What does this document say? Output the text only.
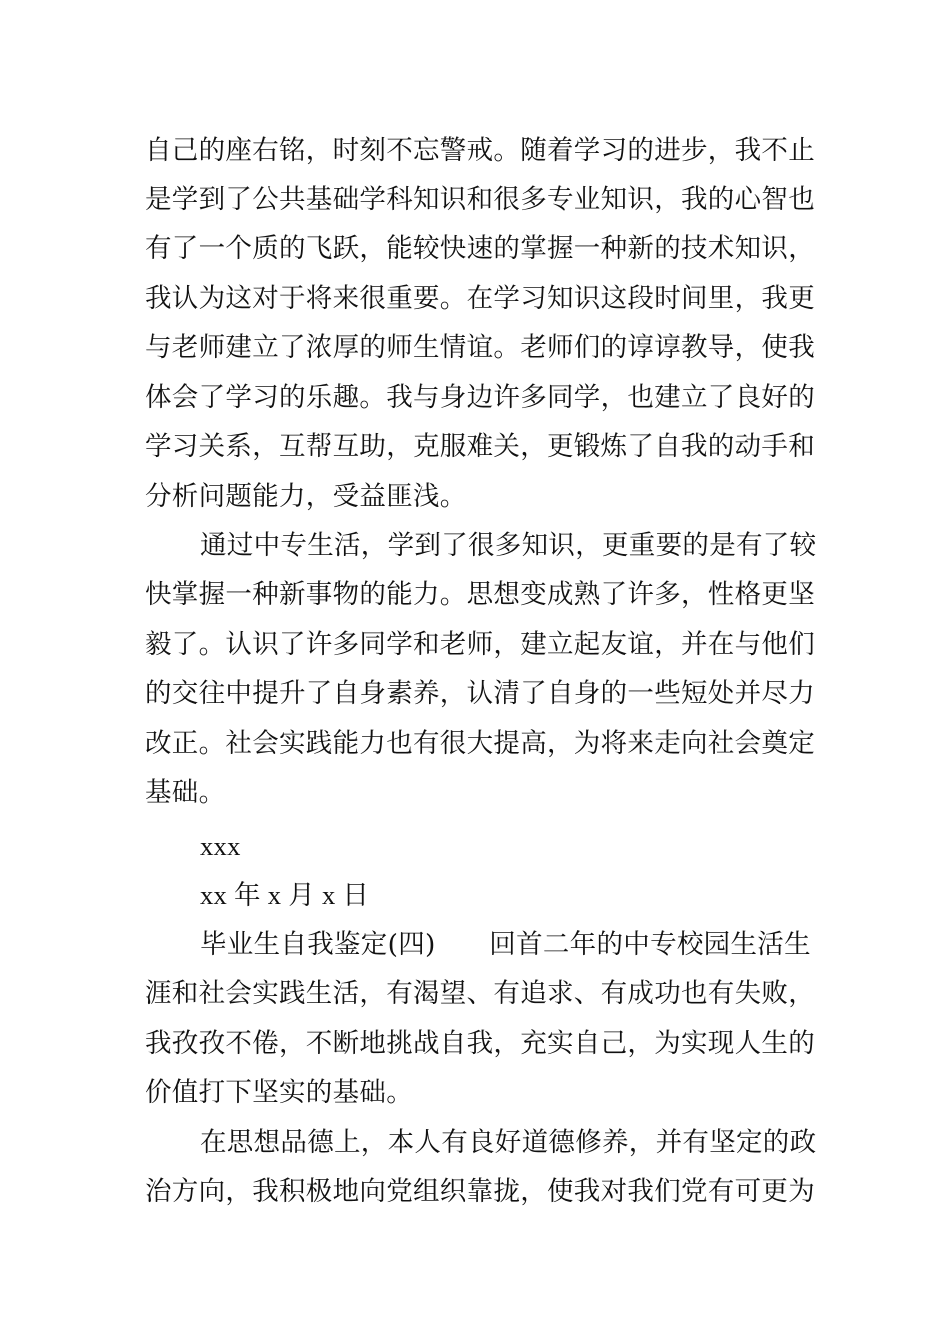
自己的座右铭，时刻不忘警戒。随着学习的进步，我不止
是学到了公共基础学科知识和很多专业知识，我的心智也
有了一个质的飞跃，能较快速的掌握一种新的技术知识，
我认为这对于将来很重要。在学习知识这段时间里，我更
与老师建立了浓厚的师生情谊。老师们的谆谆教导，使我
体会了学习的乐趣。我与身边许多同学，也建立了良好的
学习关系，互帮互助，克服难关，更锻炼了自我的动手和
分析问题能力，受益匪浅。
通过中专生活，学到了很多知识，更重要的是有了较
快掌握一种新事物的能力。思想变成熟了许多，性格更坚
毅了。认识了许多同学和老师，建立起友谊，并在与他们
的交往中提升了自身素养，认清了自身的一些短处并尽力
改正。社会实践能力也有很大提高，为将来走向社会奠定
基础。
xxx
xx 年 x 月 x 日
毕业生自我鉴定(四)　　回首二年的中专校园生活生
涯和社会实践生活，有渴望、有追求、有成功也有失败，
我孜孜不倦，不断地挑战自我，充实自己，为实现人生的
价值打下坚实的基础。
在思想品德上，本人有良好道德修养，并有坚定的政
治方向，我积极地向党组织靠拢，使我对我们党有可更为
